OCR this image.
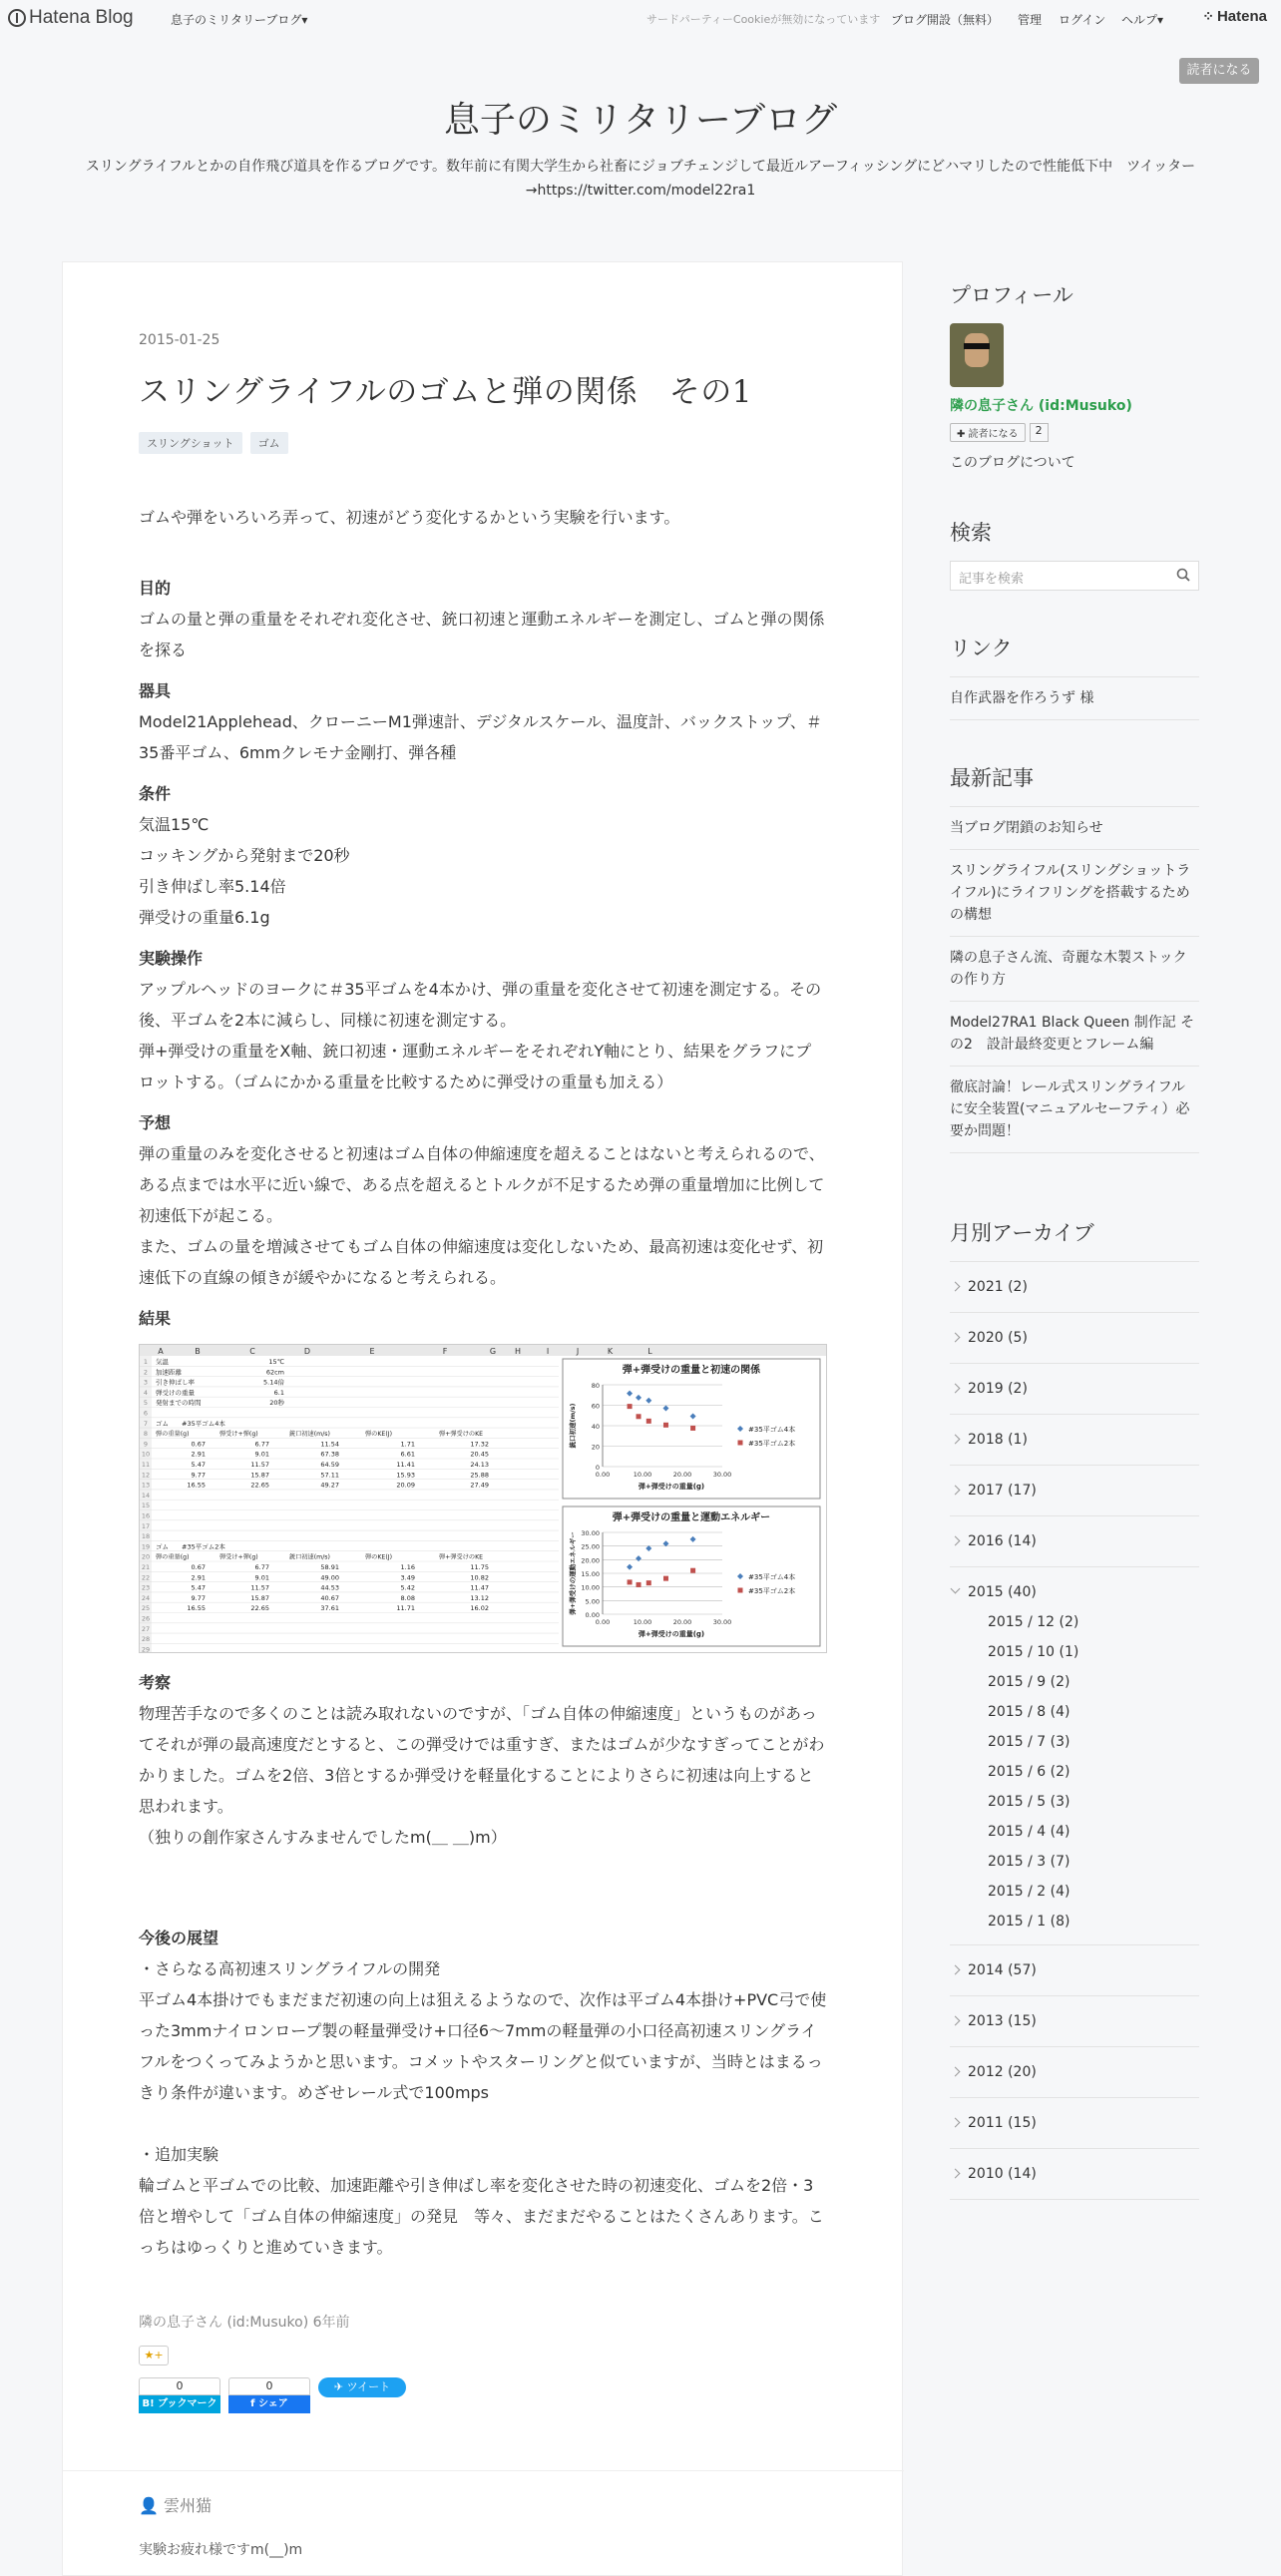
Hatena Blog	息子のミリタリーブログ▾	サードパーティーCookieが無効になっています ブログ開設（無料） 管理 ログイン ヘルプ▾	⁘ Hatena
読者になる
息子のミリタリーブログ
スリングライフルとかの自作飛び道具を作るブログです。数年前に有関大学生から社畜にジョブチェンジして最近ルアーフィッシングにどハマリしたので性能低下中　ツイッター→https://twitter.com/model22ra1
2015-01-25
スリングライフルのゴムと弾の関係　その1
スリングショット	ゴム

ゴムや弾をいろいろ弄って、初速がどう変化するかという実験を行います。

目的

ゴムの量と弾の重量をそれぞれ変化させ、銃口初速と運動エネルギーを測定し、ゴムと弾の関係を探る

器具

Model21Applehead、クローニーM1弾速計、デジタルスケール、温度計、バックストップ、＃35番平ゴム、6mmクレモナ金剛打、弾各種

条件

気温15℃

コッキングから発射まで20秒

引き伸ばし率5.14倍

弾受けの重量6.1g

実験操作

アップルヘッドのヨークに＃35平ゴムを4本かけ、弾の重量を変化させて初速を測定する。その後、平ゴムを2本に減らし、同様に初速を測定する。

弾+弾受けの重量をX軸、銃口初速・運動エネルギーをそれぞれY軸にとり、結果をグラフにプロットする。（ゴムにかかる重量を比較するために弾受けの重量も加える）

予想

弾の重量のみを変化させると初速はゴム自体の伸縮速度を超えることはないと考えられるので、ある点までは水平に近い線で、ある点を超えるとトルクが不足するため弾の重量増加に比例して初速低下が起こる。

また、ゴムの量を増減させてもゴム自体の伸縮速度は変化しないため、最高初速は変化せず、初速低下の直線の傾きが緩やかになると考えられる。

結果

A	B	C	D	E	F	G H	I	J	K	L
気温	15℃
加速距離	62cm
引き伸ばし率	5.14倍
弾受けの重量	6.1
発射までの時間	20秒
ゴム　　#35平ゴム4本
弾の重量(g)	弾受け+弾(g)	銃口初速(m/s)	弾のKE(J)	弾+弾受けのKE
0.67	6.77	11.54	1.71	17.32
2.91	9.01	67.38	6.61	20.45
5.47	11.57	64.59	11.41	24.13
9.77	15.87	57.11	15.93	25.88
16.55	22.65	49.27	20.09	27.49
ゴム　　#35平ゴム2本
弾の重量(g)	弾受け+弾(g)	銃口初速(m/s)	弾のKE(J)	弾+弾受けのKE
0.67	6.77	58.91	1.16	11.75
2.91	9.01	49.00	3.49	10.82
5.47	11.57	44.53	5.42	11.47
9.77	15.87	40.67	8.08	13.12
16.55	22.65	37.61	11.71	16.02
弾+弾受けの重量と初速の関係
0
20
40
60
80
0.00	10.00	20.00	30.00
弾+弾受けの重量(g)
銃口初速(m/s)	#35平ゴム4本
#35平ゴム2本
弾+弾受けの重量と運動エネルギー
0.00
5.00
10.00
15.00
20.00
25.00
30.00
0.00	10.00	20.00	30.00
弾+弾受けの重量(g)
弾+弾受けの運動エネルギー	#35平ゴム4本
#35平ゴム2本

考察

物理苦手なので多くのことは読み取れないのですが、「ゴム自体の伸縮速度」というものがあってそれが弾の最高速度だとすると、この弾受けでは重すぎ、またはゴムが少なすぎってことがわかりました。ゴムを2倍、3倍とするか弾受けを軽量化することによりさらに初速は向上すると思われます。

（独りの創作家さんすみませんでしたm(＿ ＿)m）

今後の展望

・さらなる高初速スリングライフルの開発

平ゴム4本掛けでもまだまだ初速の向上は狙えるようなので、次作は平ゴム4本掛け+PVC弓で使った3mmナイロンロープ製の軽量弾受け+口径6〜7mmの軽量弾の小口径高初速スリングライフルをつくってみようかと思います。コメットやスターリングと似ていますが、当時とはまるっきり条件が違います。めざせレール式で100mps

・追加実験

輪ゴムと平ゴムでの比較、加速距離や引き伸ばし率を変化させた時の初速変化、ゴムを2倍・3倍と増やして「ゴム自体の伸縮速度」の発見　等々、まだまだやることはたくさんあります。こっちはゆっくりと進めていきます。

隣の息子さん (id:Musuko) 6年前
★+
0
B! ブックマーク
0
f シェア
✈ ツイート
👤 雲州猫
実験お疲れ様ですm(__)m
プロフィール
隣の息子さん (id:Musuko)
✚ 読者になる	2
このブログについて
検索
記事を検索
リンク
自作武器を作ろうず 様
最新記事
当ブログ閉鎖のお知らせ
スリングライフル(スリングショットライフル)にライフリングを搭載するための構想
隣の息子さん流、奇麗な木製ストックの作り方
Model27RA1 Black Queen 制作記 その2　設計最終変更とフレーム編
徹底討論！レール式スリングライフルに安全装置(マニュアルセーフティ）必要か問題！
月別アーカイブ
2021 (2)
2020 (5)
2019 (2)
2018 (1)
2017 (17)
2016 (14)
2015 (40)
2015 / 12 (2)
2015 / 10 (1)
2015 / 9 (2)
2015 / 8 (4)
2015 / 7 (3)
2015 / 6 (2)
2015 / 5 (3)
2015 / 4 (4)
2015 / 3 (7)
2015 / 2 (4)
2015 / 1 (8)
2014 (57)
2013 (15)
2012 (20)
2011 (15)
2010 (14)
